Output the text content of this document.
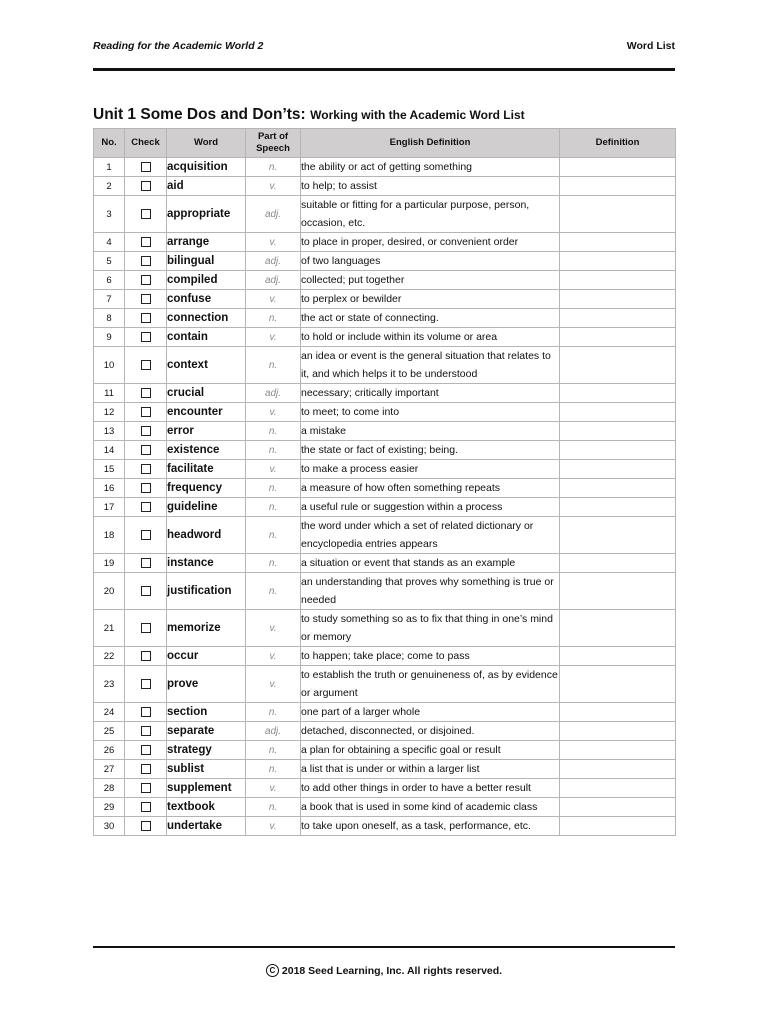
Reading for the Academic World 2	Word List
Unit 1 Some Dos and Don’ts: Working with the Academic Word List
No.	Check	Word	Part of Speech	English Definition	Definition
1		acquisition	n.	the ability or act of getting something	
2		aid	v.	to help; to assist	
3		appropriate	adj.	suitable or fitting for a particular purpose, person, occasion, etc.	
4		arrange	v.	to place in proper, desired, or convenient order	
5		bilingual	adj.	of two languages	
6		compiled	adj.	collected; put together	
7		confuse	v.	to perplex or bewilder	
8		connection	n.	the act or state of connecting.	
9		contain	v.	to hold or include within its volume or area	
10		context	n.	an idea or event is the general situation that relates to it, and which helps it to be understood	
11		crucial	adj.	necessary; critically important	
12		encounter	v.	to meet; to come into	
13		error	n.	a mistake	
14		existence	n.	the state or fact of existing; being.	
15		facilitate	v.	to make a process easier	
16		frequency	n.	a measure of how often something repeats	
17		guideline	n.	a useful rule or suggestion within a process	
18		headword	n.	the word under which a set of related dictionary or encyclopedia entries appears	
19		instance	n.	a situation or event that stands as an example	
20		justification	n.	an understanding that proves why something is true or needed	
21		memorize	v.	to study something so as to fix that thing in one’s mind or memory	
22		occur	v.	to happen; take place; come to pass	
23		prove	v.	to establish the truth or genuineness of, as by evidence or argument	
24		section	n.	one part of a larger whole	
25		separate	adj.	detached, disconnected, or disjoined.	
26		strategy	n.	a plan for obtaining a specific goal or result	
27		sublist	n.	a list that is under or within a larger list	
28		supplement	v.	to add other things in order to have a better result	
29		textbook	n.	a book that is used in some kind of academic class	
30		undertake	v.	to take upon oneself, as a task, performance, etc.	
C 2018 Seed Learning, Inc. All rights reserved.
